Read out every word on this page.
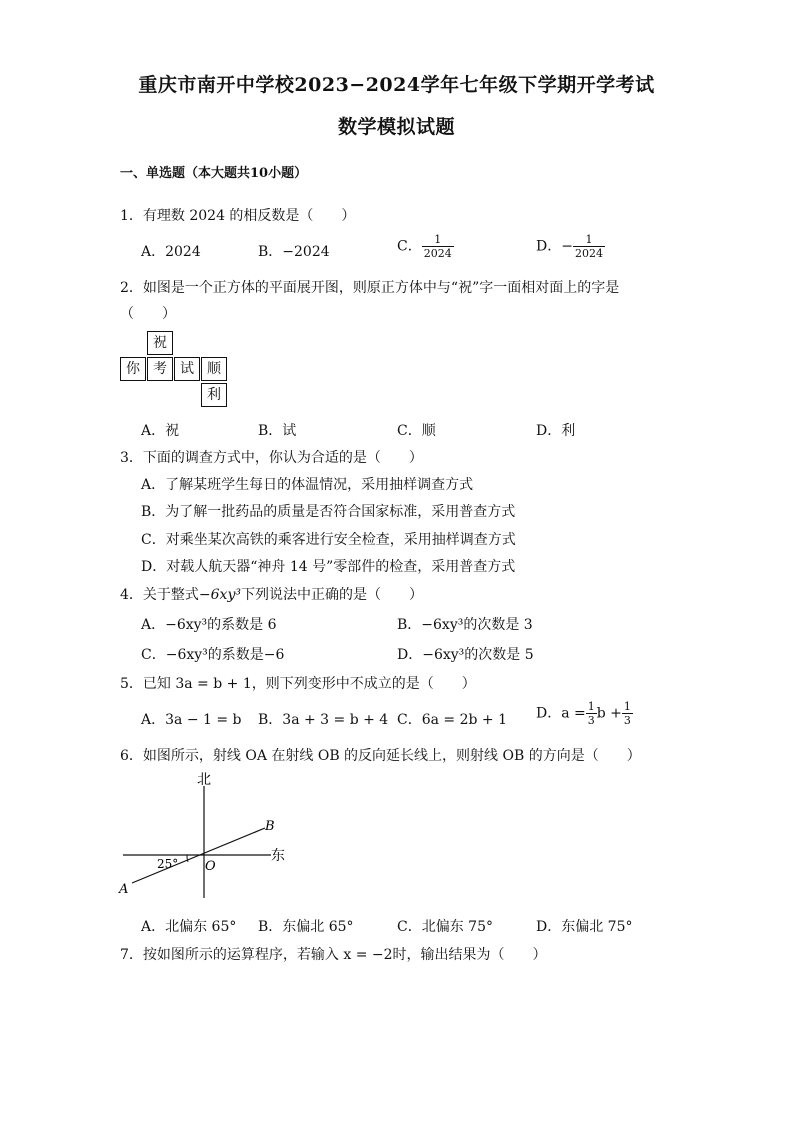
重庆市南开中学校2023−2024学年七年级下学期开学考试
数学模拟试题
一、单选题（本大题共10小题）
1．有理数 2024 的相反数是（　　）
A．2024	B．−2024	C． $\frac{1}{2024}$	D．− $\frac{1}{2024}$
2．如图是一个正方体的平面展开图，则原正方体中与“祝”字一面相对面上的字是
（　　）
祝
你 考 试 顺
利
A．祝	B．试	C．顺	D．利
3．下面的调查方式中，你认为合适的是（　　）
A．了解某班学生每日的体温情况，采用抽样调查方式
B．为了解一批药品的质量是否符合国家标准，采用普查方式
C．对乘坐某次高铁的乘客进行安全检查，采用抽样调查方式
D．对载人航天器“神舟 14 号”零部件的检查，采用普查方式
4．关于整式−6xy³下列说法中正确的是（　　）
A．−6xy³的系数是 6	B．−6xy³的次数是 3
C．−6xy³的系数是−6	D．−6xy³的次数是 5
5．已知 3a = b + 1，则下列变形中不成立的是（　　）
A．3a − 1 = b B．3a + 3 = b + 4 C．6a = 2b + 1 D．$a = \frac{1}{3}$ $b + \frac{1}{3}$
6．如图所示，射线 OA 在射线 OB 的反向延长线上，则射线 OB 的方向是（　　）
北
东
25° O
A
B
A．北偏东 65° B．东偏北 65°	C．北偏东 75°	D．东偏北 75°
7．按如图所示的运算程序，若输入 x = −2时，输出结果为（　　）
